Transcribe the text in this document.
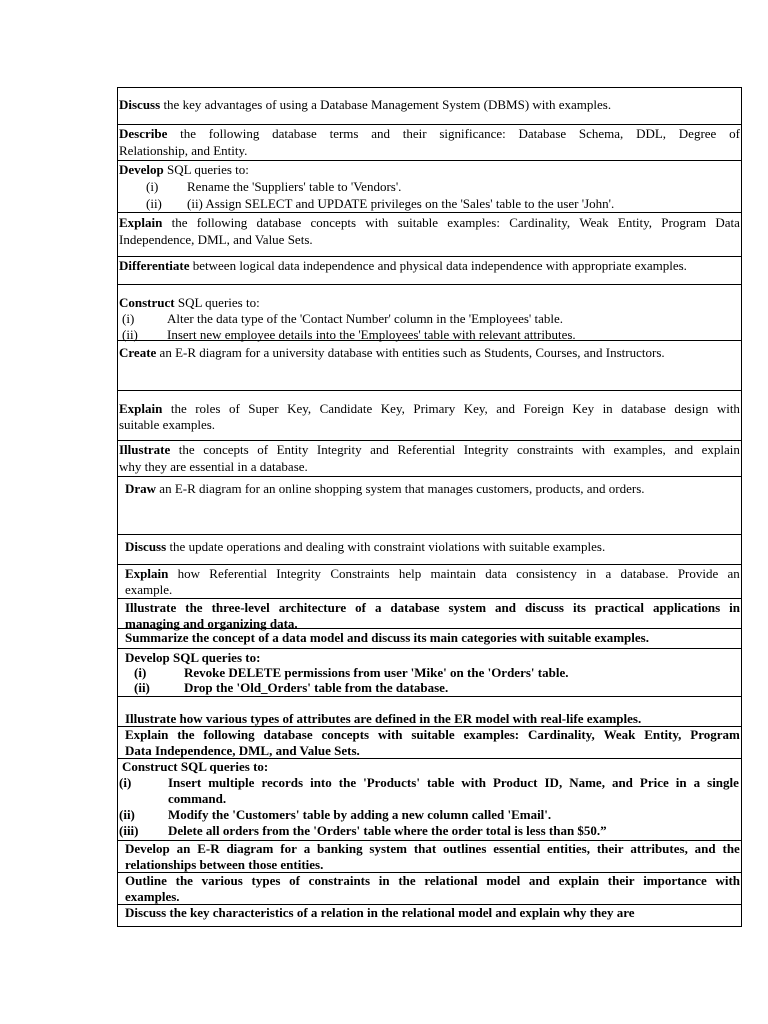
Discuss the key advantages of using a Database Management System (DBMS) with examples.
Describe the following database terms and their significance: Database Schema, DDL, Degree of
Relationship, and Entity.
Develop SQL queries to:
(i) Rename the 'Suppliers' table to 'Vendors'.
(ii) (ii) Assign SELECT and UPDATE privileges on the 'Sales' table to the user 'John'.
Explain the following database concepts with suitable examples: Cardinality, Weak Entity, Program Data
Independence, DML, and Value Sets.
Differentiate between logical data independence and physical data independence with appropriate examples.
Construct SQL queries to:
(i)	Alter the data type of the 'Contact Number' column in the 'Employees' table.
(ii) Insert new employee details into the 'Employees' table with relevant attributes.
Create an E-R diagram for a university database with entities such as Students, Courses, and Instructors.
Explain the roles of Super Key, Candidate Key, Primary Key, and Foreign Key in database design with
suitable examples.
Illustrate the concepts of Entity Integrity and Referential Integrity constraints with examples, and explain
why they are essential in a database.
Draw an E-R diagram for an online shopping system that manages customers, products, and orders.
Discuss the update operations and dealing with constraint violations with suitable examples.
Explain how Referential Integrity Constraints help maintain data consistency in a database. Provide an
example.
Illustrate the three-level architecture of a database system and discuss its practical applications in
managing and organizing data.
Summarize the concept of a data model and discuss its main categories with suitable examples.
Develop SQL queries to:
(i)	Revoke DELETE permissions from user 'Mike' on the 'Orders' table.
(ii)	Drop the 'Old_Orders' table from the database.
Illustrate how various types of attributes are defined in the ER model with real-life examples.
Explain the following database concepts with suitable examples: Cardinality, Weak Entity, Program
Data Independence, DML, and Value Sets.
Construct SQL queries to:
(i)	Insert multiple records into the 'Products' table with Product ID, Name, and Price in a single
command.
(ii)	Modify the 'Customers' table by adding a new column called 'Email'.
(iii) Delete all orders from the 'Orders' table where the order total is less than $50.”
Develop an E-R diagram for a banking system that outlines essential entities, their attributes, and the
relationships between those entities.
Outline the various types of constraints in the relational model and explain their importance with
examples.
Discuss the key characteristics of a relation in the relational model and explain why they are
